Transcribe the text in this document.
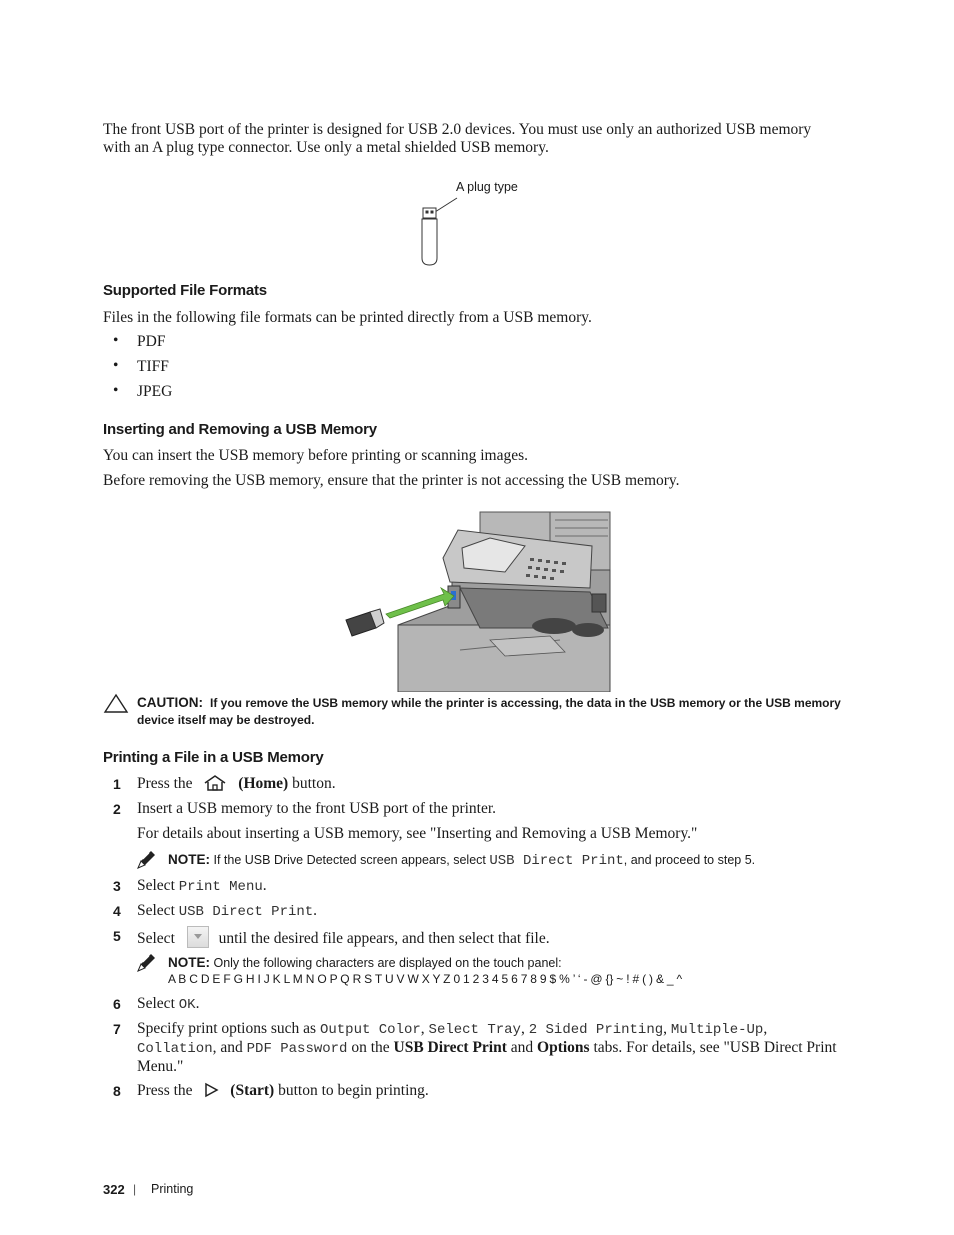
The front USB port of the printer is designed for USB 2.0 devices. You must use only an authorized USB memory
with an A plug type connector. Use only a metal shielded USB memory.
A plug type
Supported File Formats
Files in the following file formats can be printed directly from a USB memory.
• PDF
• TIFF
• JPEG
Inserting and Removing a USB Memory
You can insert the USB memory before printing or scanning images.
Before removing the USB memory, ensure that the printer is not accessing the USB memory.
CAUTION: If you remove the USB memory while the printer is accessing, the data in the USB memory or the USB memory
device itself may be destroyed.
Printing a File in a USB Memory
1 Press the	(Home) button.
2 Insert a USB memory to the front USB port of the printer.
For details about inserting a USB memory, see "Inserting and Removing a USB Memory."
NOTE: If the USB Drive Detected screen appears, select USB Direct Print, and proceed to step 5.
3 Select Print Menu.
4 Select USB Direct Print.
5 Select	until the desired file appears, and then select that file.
NOTE: Only the following characters are displayed on the touch panel:
A B C D E F G H I J K L M N O P Q R S T U V W X Y Z 0 1 2 3 4 5 6 7 8 9 $ % ’ ‘ - @ {} ~ ! # ( ) & _ ^
6 Select OK.
7 Specify print options such as Output Color, Select Tray, 2 Sided Printing, Multiple-Up,
Collation, and PDF Password on the USB Direct Print and Options tabs. For details, see "USB Direct Print
Menu."
8 Press the (Start) button to begin printing.
322 | Printing
